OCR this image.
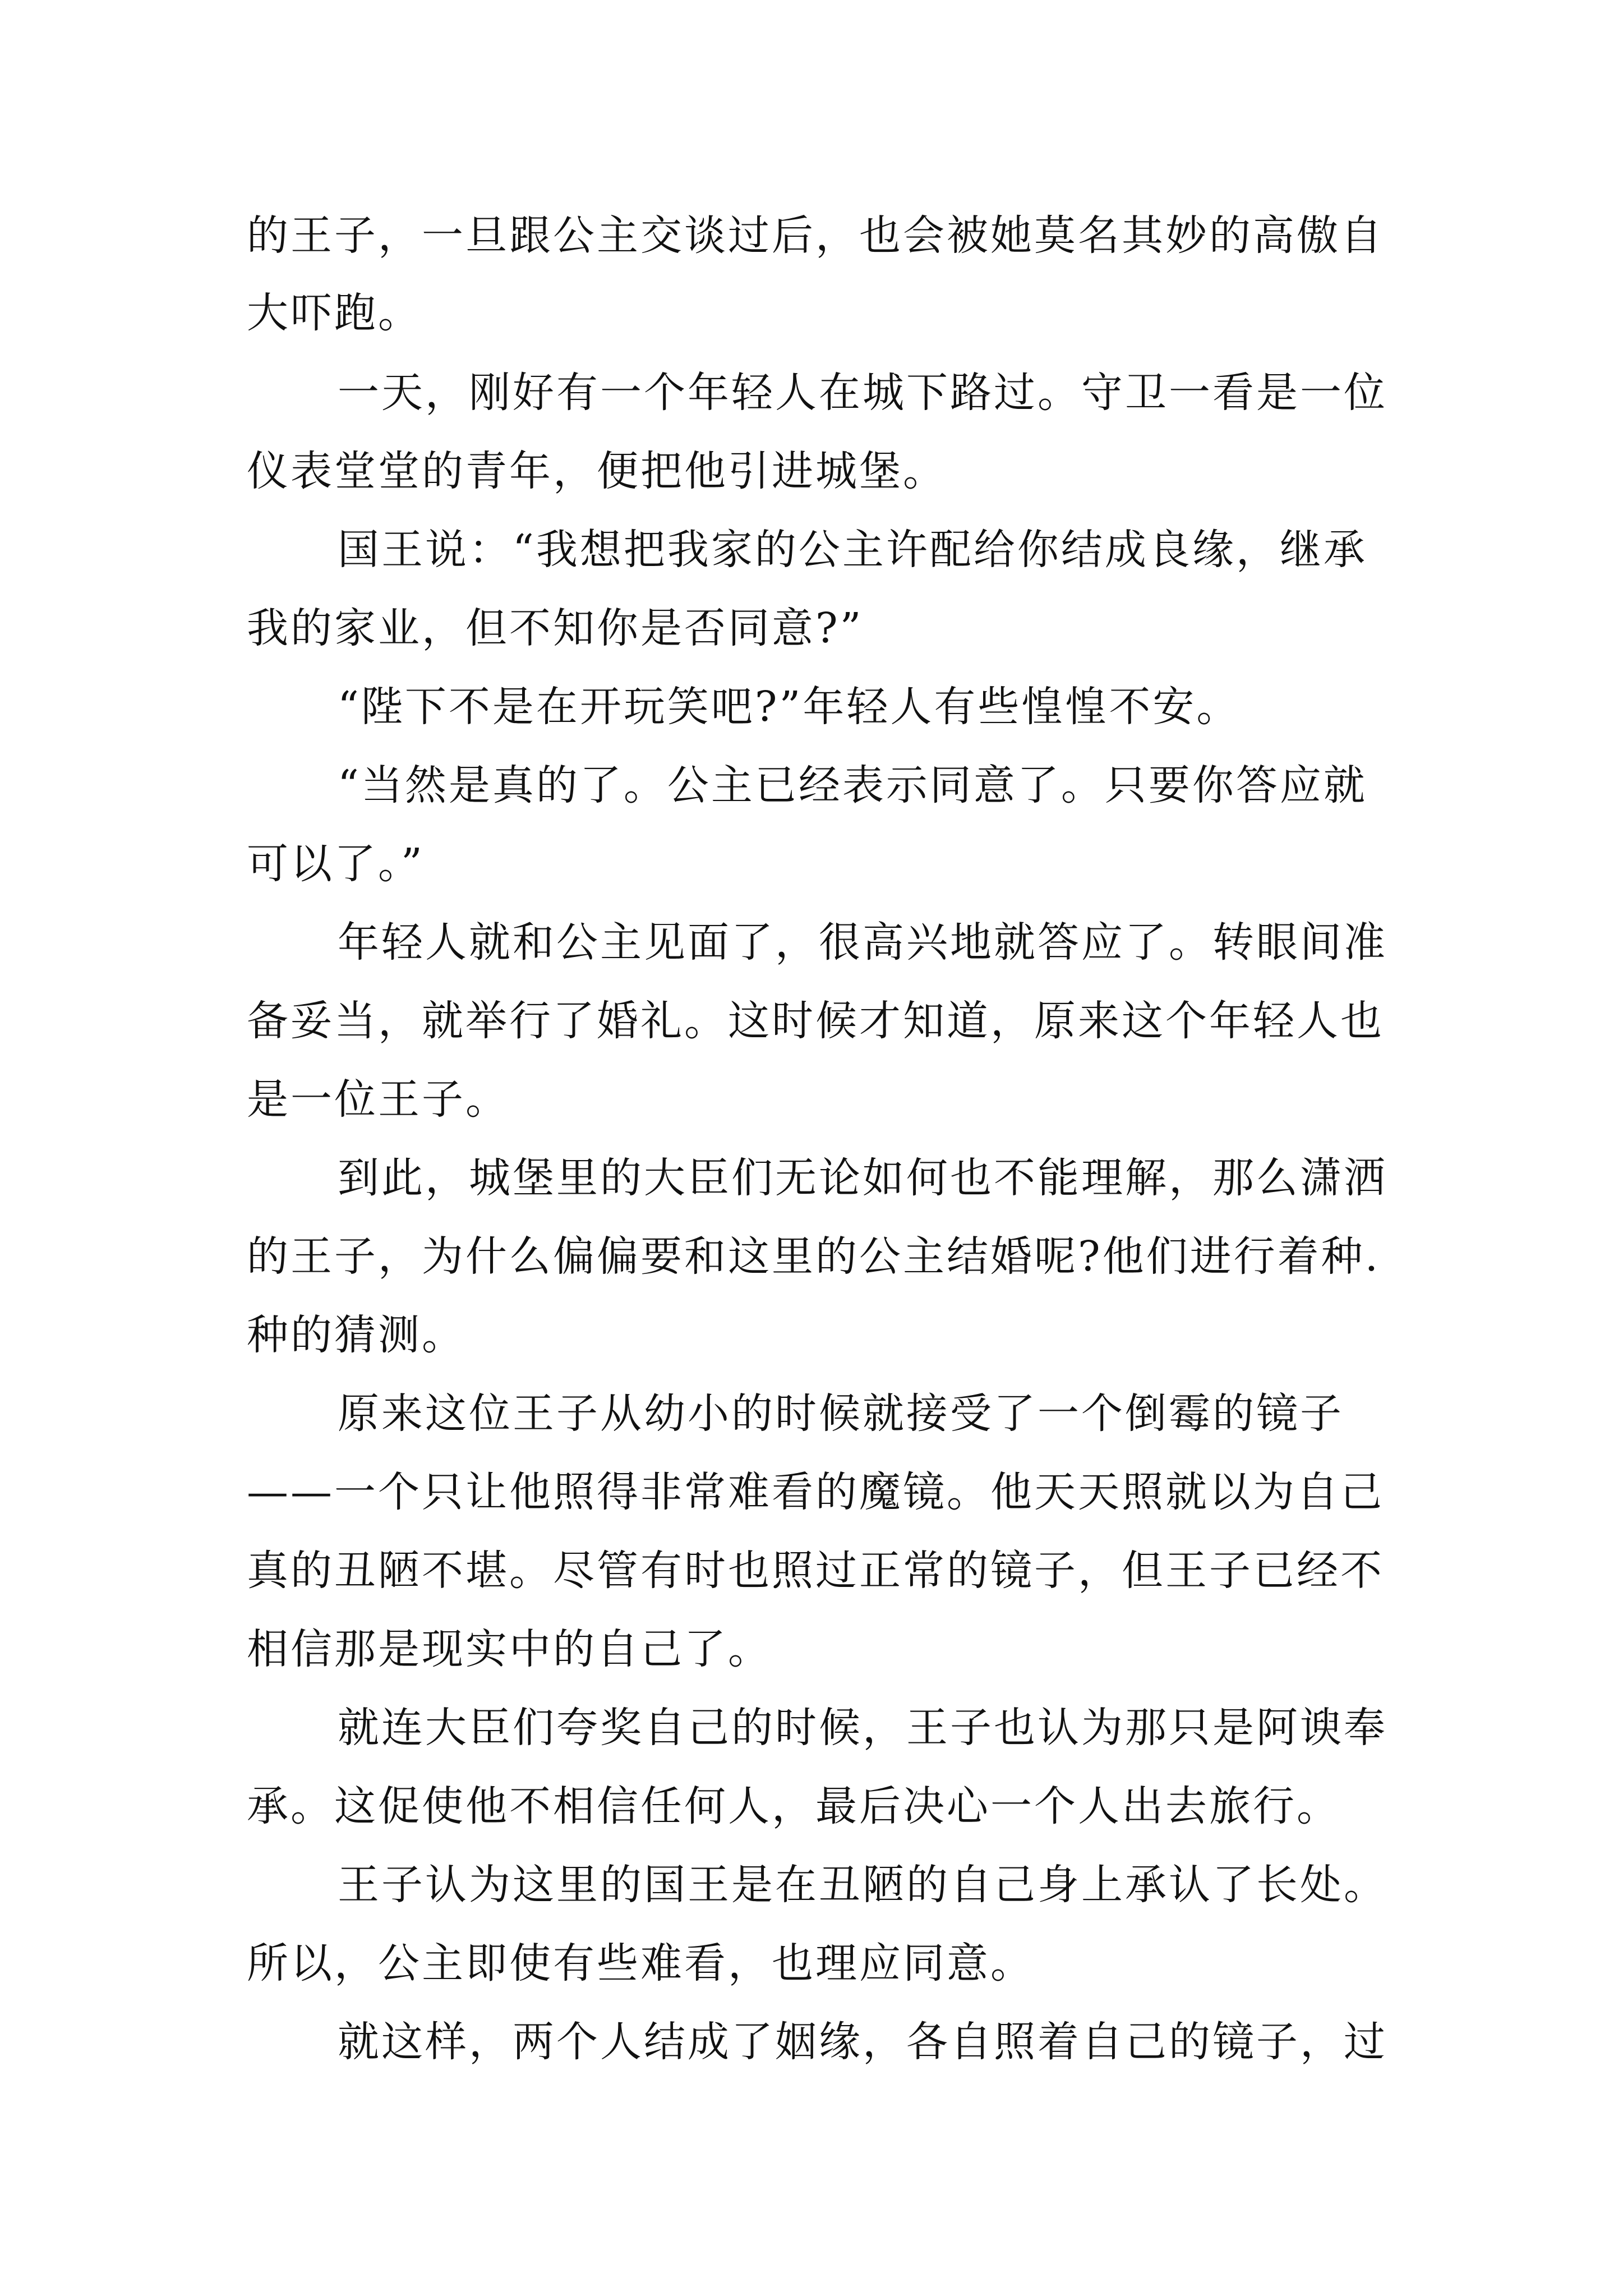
的王子，一旦跟公主交谈过后，也会被她莫名其妙的高傲自

大吓跑。

一天，刚好有一个年轻人在城下路过。守卫一看是一位

仪表堂堂的青年，便把他引进城堡。

国王说：“我想把我家的公主许配给你结成良缘，继承

我的家业，但不知你是否同意?”

“陛下不是在开玩笑吧?”年轻人有些惶惶不安。

“当然是真的了。公主已经表示同意了。只要你答应就

可以了。”

年轻人就和公主见面了，很高兴地就答应了。转眼间准

备妥当，就举行了婚礼。这时候才知道，原来这个年轻人也

是一位王子。

到此，城堡里的大臣们无论如何也不能理解，那么潇洒

的王子，为什么偏偏要和这里的公主结婚呢?他们进行着种.

种的猜测。

原来这位王子从幼小的时候就接受了一个倒霉的镜子

——一个只让他照得非常难看的魔镜。他天天照就以为自己

真的丑陋不堪。尽管有时也照过正常的镜子，但王子已经不

相信那是现实中的自己了。

就连大臣们夸奖自己的时候，王子也认为那只是阿谀奉

承。这促使他不相信任何人，最后决心一个人出去旅行。

王子认为这里的国王是在丑陋的自己身上承认了长处。

所以，公主即使有些难看，也理应同意。

就这样，两个人结成了姻缘，各自照着自己的镜子，过
